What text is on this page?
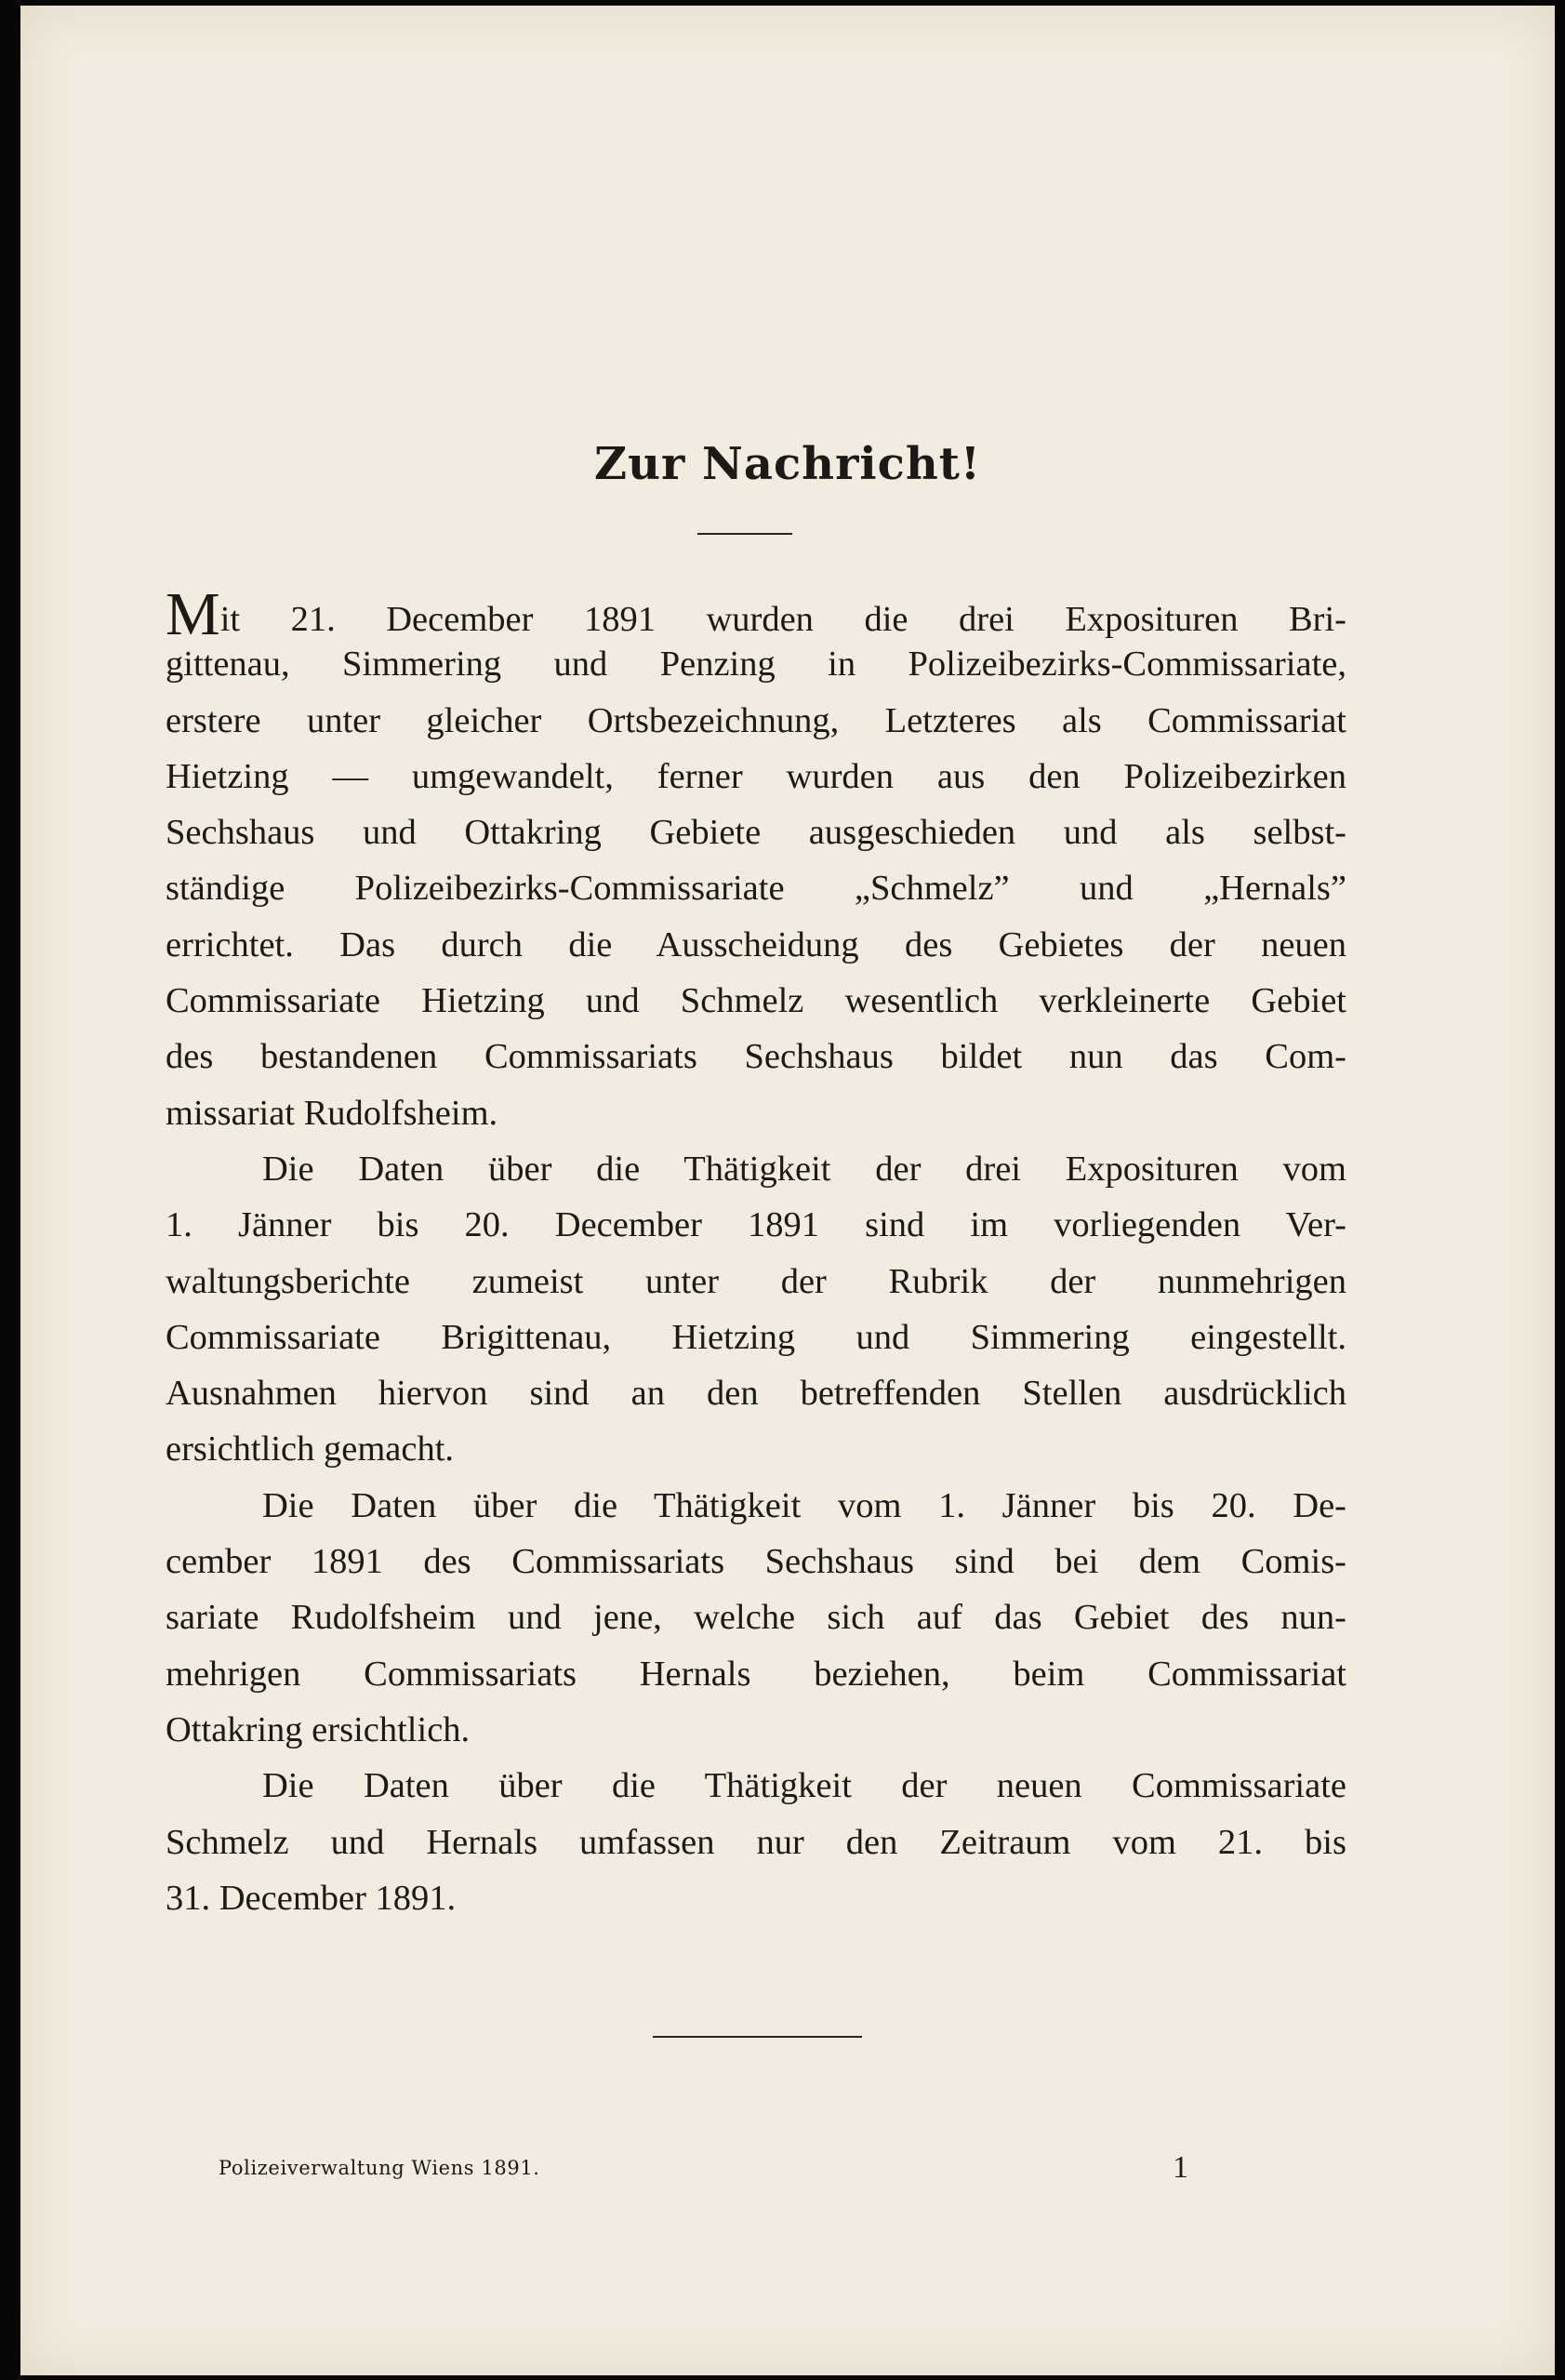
Zur Nachricht!
Mit 21. December 1891 wurden die drei Exposituren Bri-
gittenau, Simmering und Penzing in Polizeibezirks-Commissariate,
erstere unter gleicher Ortsbezeichnung, Letzteres als Commissariat
Hietzing — umgewandelt, ferner wurden aus den Polizeibezirken
Sechshaus und Ottakring Gebiete ausgeschieden und als selbst-
ständige Polizeibezirks-Commissariate „Schmelz” und „Hernals”
errichtet. Das durch die Ausscheidung des Gebietes der neuen
Commissariate Hietzing und Schmelz wesentlich verkleinerte Gebiet
des bestandenen Commissariats Sechshaus bildet nun das Com-
missariat Rudolfsheim.
Die Daten über die Thätigkeit der drei Exposituren vom
1. Jänner bis 20. December 1891 sind im vorliegenden Ver-
waltungsberichte zumeist unter der Rubrik der nunmehrigen
Commissariate Brigittenau, Hietzing und Simmering eingestellt.
Ausnahmen hiervon sind an den betreffenden Stellen ausdrücklich
ersichtlich gemacht.
Die Daten über die Thätigkeit vom 1. Jänner bis 20. De-
cember 1891 des Commissariats Sechshaus sind bei dem Comis-
sariate Rudolfsheim und jene, welche sich auf das Gebiet des nun-
mehrigen Commissariats Hernals beziehen, beim Commissariat
Ottakring ersichtlich.
Die Daten über die Thätigkeit der neuen Commissariate
Schmelz und Hernals umfassen nur den Zeitraum vom 21. bis
31. December 1891.
Polizeiverwaltung Wiens 1891.	1
